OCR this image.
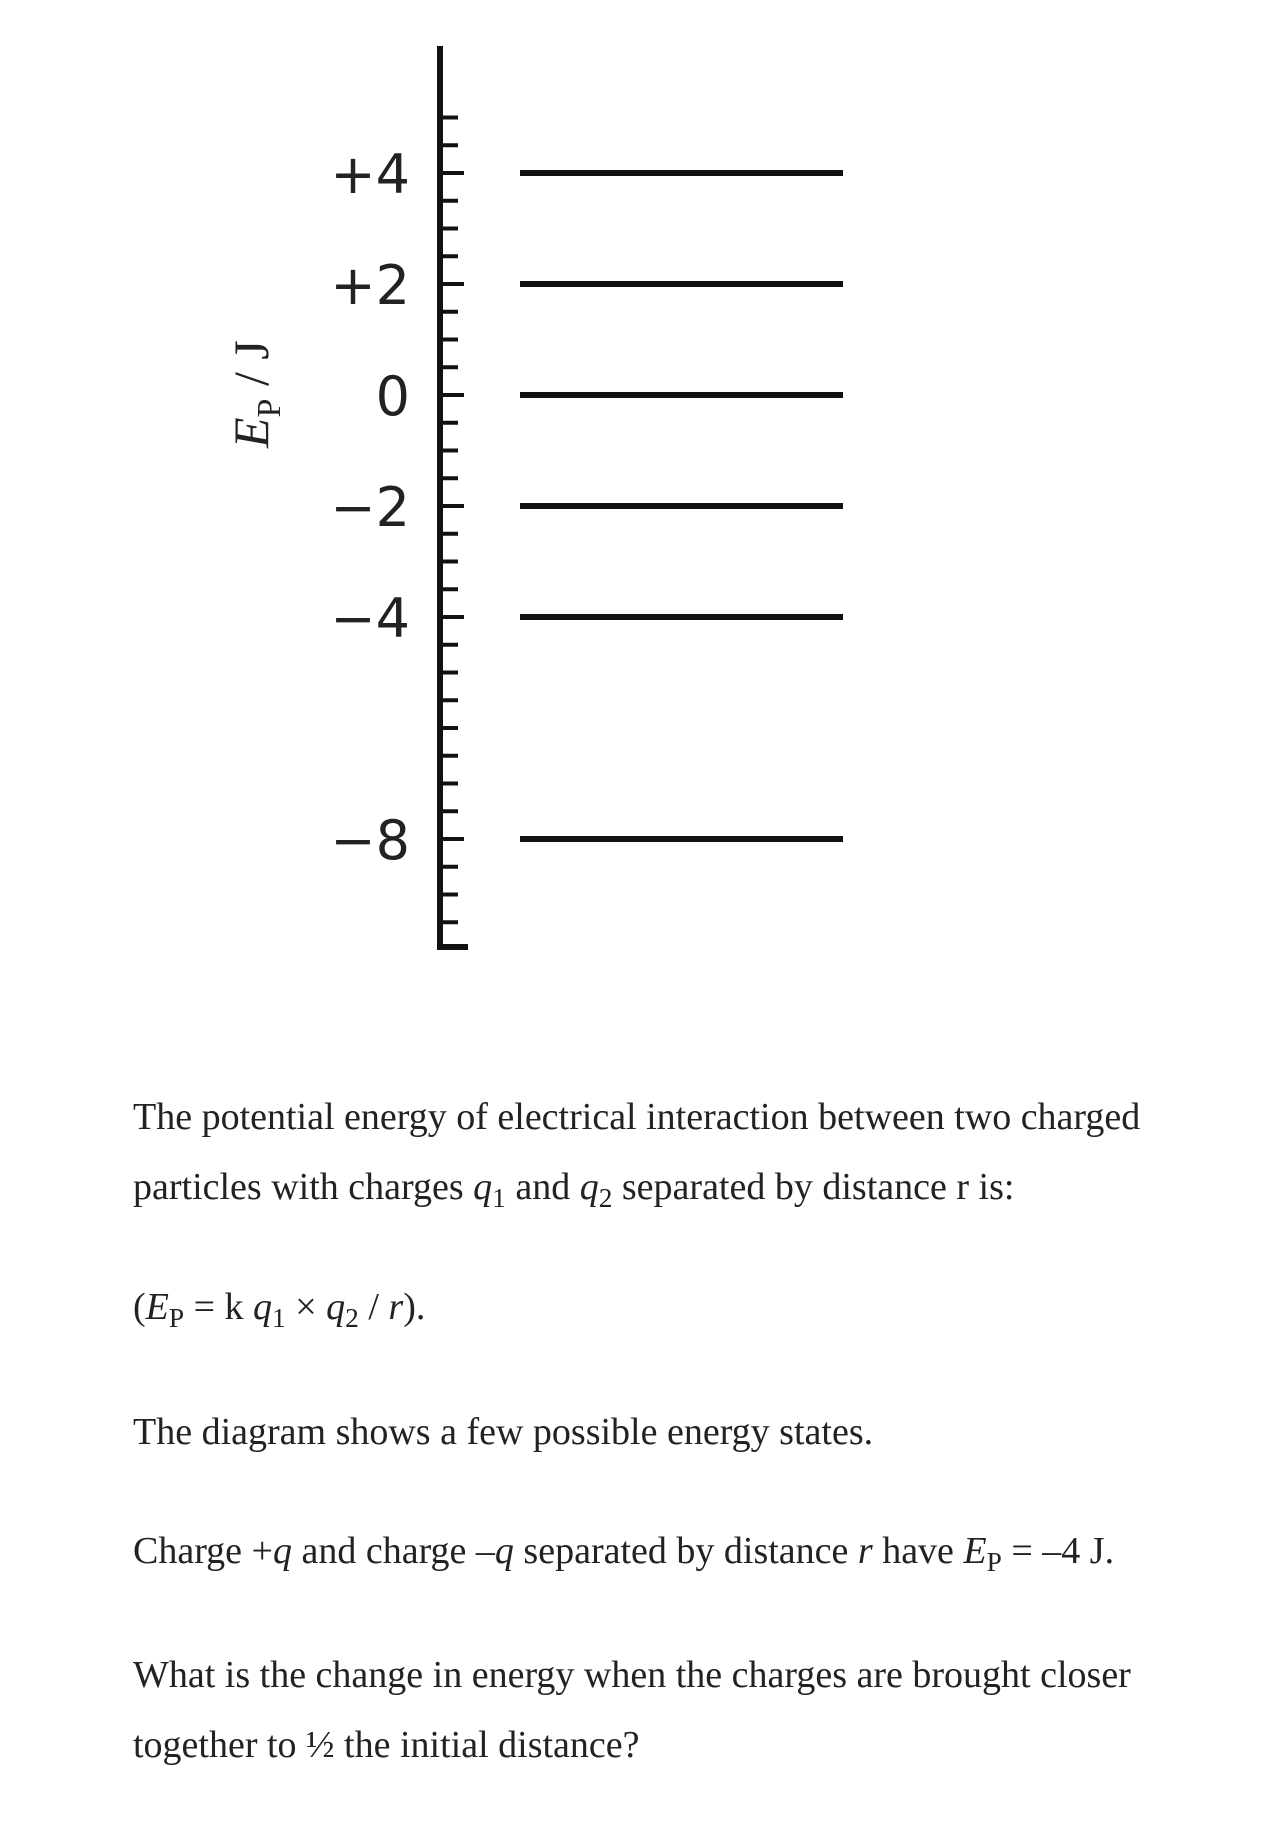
$E_P$ / J
+4
+2
0
−2
−4
−8

The potential energy of electrical interaction between two charged
particles with charges $q_1$ and $q_2$ separated by distance r is:

($E_P = k$ $q_1 \times q_2 / r$).

The diagram shows a few possible energy states.

Charge +q and charge –q separated by distance r have $E_P = -4$ J.

What is the change in energy when the charges are brought closer
together to ½ the initial distance?
